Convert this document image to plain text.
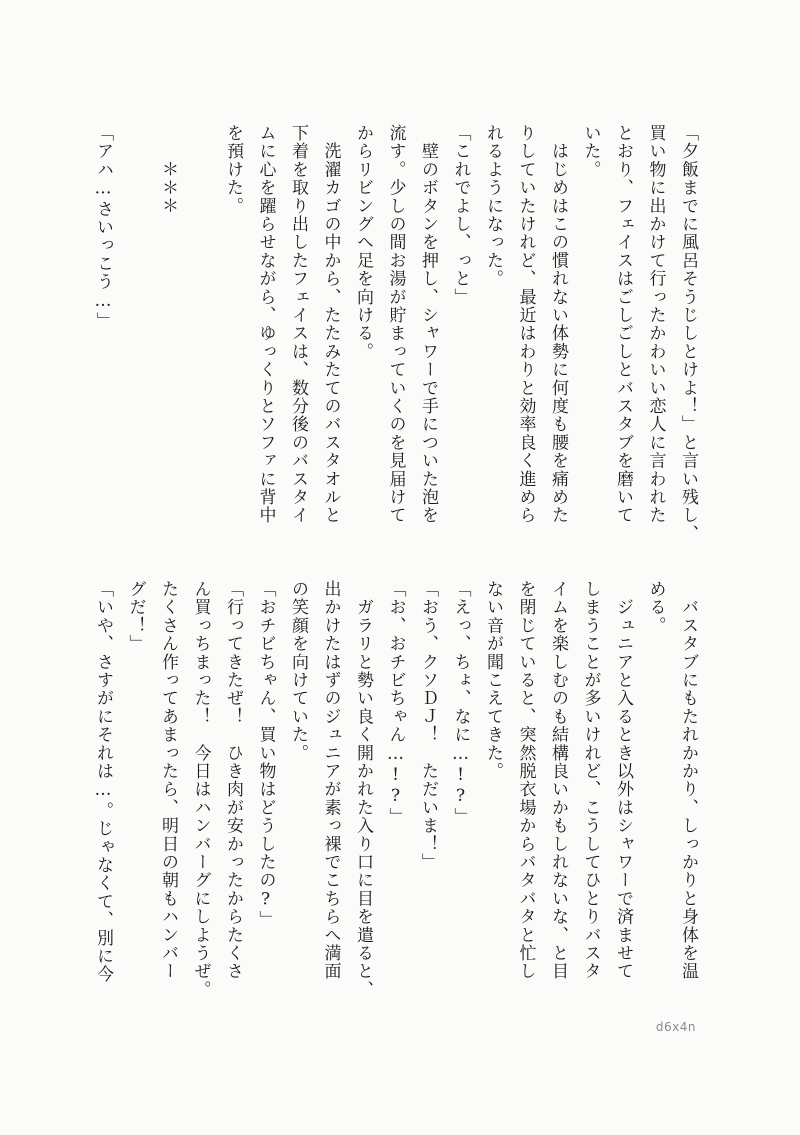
「夕飯までに風呂そうじしとけよ！」と言い残し、
買い物に出かけて行ったかわいい恋人に言われた
とおり、フェイスはごしごしとバスタブを磨いて
いた。
　はじめはこの慣れない体勢に何度も腰を痛めた
りしていたけれど、最近はわりと効率良く進めら
れるようになった。
「これでよし、っと」
　壁のボタンを押し、シャワーで手についた泡を
流す。少しの間お湯が貯まっていくのを見届けて
からリビングへ足を向ける。
　洗濯カゴの中から、たたみたてのバスタオルと
下着を取り出したフェイスは、数分後のバスタイ
ムに心を躍らせながら、ゆっくりとソファに背中
を預けた。

　　＊＊＊

「アハ…さいっこう…」
　バスタブにもたれかかり、しっかりと身体を温
める。
　ジュニアと入るとき以外はシャワーで済ませて
しまうことが多いけれど、こうしてひとりバスタ
イムを楽しむのも結構良いかもしれないな、と目
を閉じていると、突然脱衣場からバタバタと忙し
ない音が聞こえてきた。
「えっ、ちょ、なに…!?」
「おう、クソＤＪ！　ただいま！」
「お、おチビちゃん…!?」
　ガラリと勢い良く開かれた入り口に目を遣ると、
出かけたはずのジュニアが素っ裸でこちらへ満面
の笑顔を向けていた。
「おチビちゃん、買い物はどうしたの?」
「行ってきたぜ！　ひき肉が安かったからたくさ
ん買っちまった！　今日はハンバーグにしようぜ。
たくさん作ってあまったら、明日の朝もハンバー
グだ！」
「いや、さすがにそれは…。じゃなくて、別に今
d6x4n
